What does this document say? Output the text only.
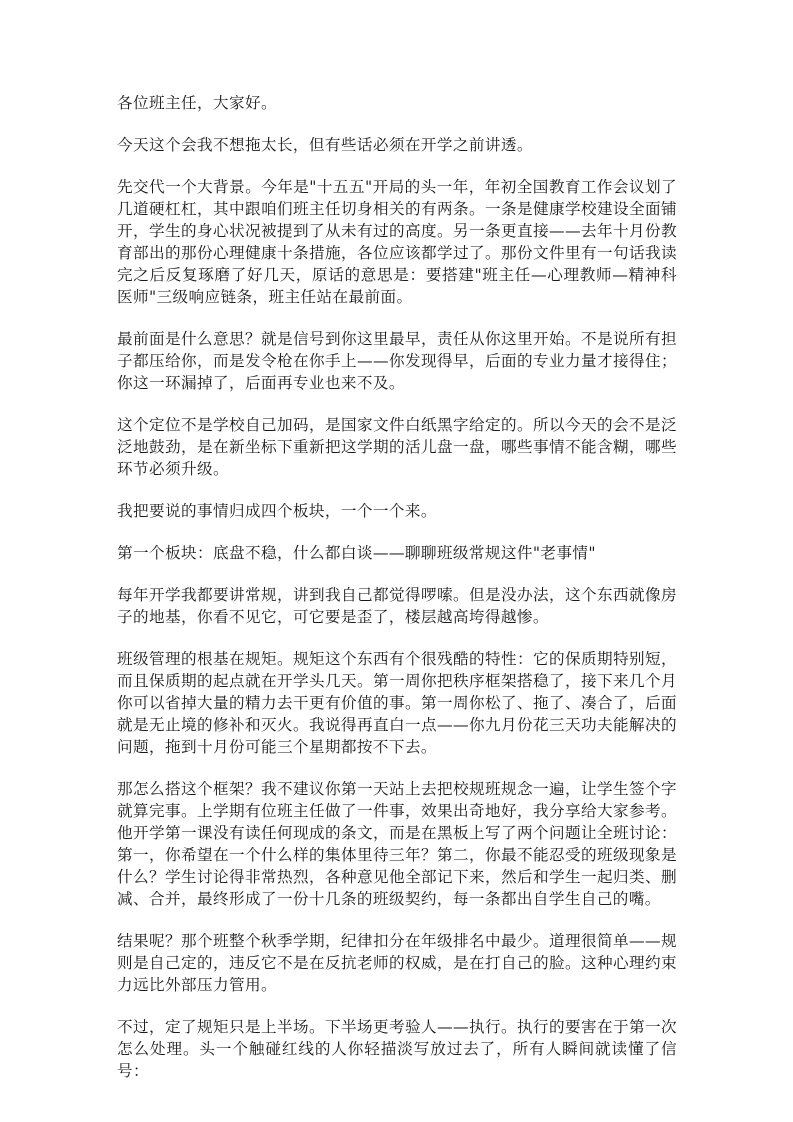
各位班主任，大家好。

今天这个会我不想拖太长，但有些话必须在开学之前讲透。

先交代一个大背景。今年是"十五五"开局的头一年，年初全国教育工作会议划了几道硬杠杠，其中跟咱们班主任切身相关的有两条。一条是健康学校建设全面铺开，学生的身心状况被提到了从未有过的高度。另一条更直接——去年十月份教育部出的那份心理健康十条措施，各位应该都学过了。那份文件里有一句话我读完之后反复琢磨了好几天，原话的意思是：要搭建"班主任—心理教师—精神科医师"三级响应链条，班主任站在最前面。

最前面是什么意思？就是信号到你这里最早，责任从你这里开始。不是说所有担子都压给你，而是发令枪在你手上——你发现得早，后面的专业力量才接得住；你这一环漏掉了，后面再专业也来不及。

这个定位不是学校自己加码，是国家文件白纸黑字给定的。所以今天的会不是泛泛地鼓劲，是在新坐标下重新把这学期的活儿盘一盘，哪些事情不能含糊，哪些环节必须升级。

我把要说的事情归成四个板块，一个一个来。

第一个板块：底盘不稳，什么都白谈——聊聊班级常规这件"老事情"

每年开学我都要讲常规，讲到我自己都觉得啰嗦。但是没办法，这个东西就像房子的地基，你看不见它，可它要是歪了，楼层越高垮得越惨。

班级管理的根基在规矩。规矩这个东西有个很残酷的特性：它的保质期特别短，而且保质期的起点就在开学头几天。第一周你把秩序框架搭稳了，接下来几个月你可以省掉大量的精力去干更有价值的事。第一周你松了、拖了、凑合了，后面就是无止境的修补和灭火。我说得再直白一点——你九月份花三天功夫能解决的问题，拖到十月份可能三个星期都按不下去。

那怎么搭这个框架？我不建议你第一天站上去把校规班规念一遍，让学生签个字就算完事。上学期有位班主任做了一件事，效果出奇地好，我分享给大家参考。他开学第一课没有读任何现成的条文，而是在黑板上写了两个问题让全班讨论：第一，你希望在一个什么样的集体里待三年？第二，你最不能忍受的班级现象是什么？学生讨论得非常热烈，各种意见他全部记下来，然后和学生一起归类、删减、合并，最终形成了一份十几条的班级契约，每一条都出自学生自己的嘴。

结果呢？那个班整个秋季学期，纪律扣分在年级排名中最少。道理很简单——规则是自己定的，违反它不是在反抗老师的权威，是在打自己的脸。这种心理约束力远比外部压力管用。

不过，定了规矩只是上半场。下半场更考验人——执行。执行的要害在于第一次怎么处理。头一个触碰红线的人你轻描淡写放过去了，所有人瞬间就读懂了信号：
